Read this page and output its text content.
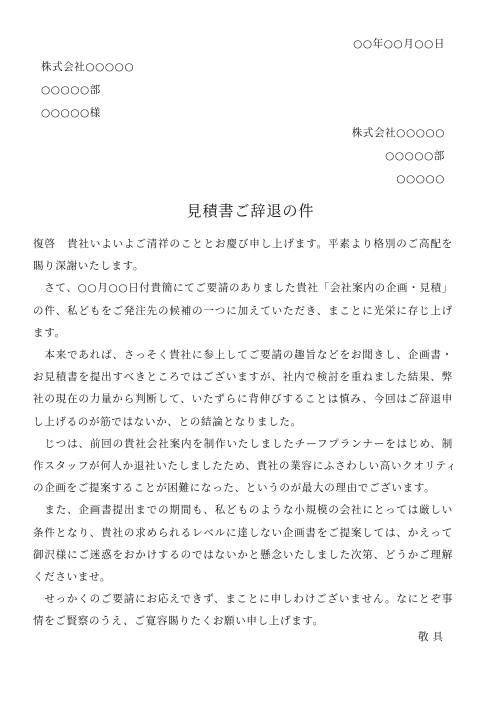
○○年○○月○○日
株式会社○○○○○
○○○○○部
○○○○○様
株式会社○○○○○
○○○○○部
○○○○○
見積書ご辞退の件
復啓　貴社いよいよご清祥のこととお慶び申し上げます。平素より格別のご高配を
賜り深謝いたします。
　さて、○○月○○日付貴簡にてご要請のありました貴社「会社案内の企画・見積」
の件、私どもをご発注先の候補の一つに加えていただき、まことに光栄に存じ上げ
ます。
　本来であれば、さっそく貴社に参上してご要請の趣旨などをお聞きし、企画書・
お見積書を提出すべきところではございますが、社内で検討を重ねました結果、弊
社の現在の力量から判断して、いたずらに背伸びすることは慎み、今回はご辞退申
し上げるのが筋ではないか、との結論となりました。
　じつは、前回の貴社会社案内を制作いたしましたチーフプランナーをはじめ、制
作スタッフが何人か退社いたしましたため、貴社の業容にふさわしい高いクオリティ
の企画をご提案することが困難になった、というのが最大の理由でございます。
　また、企画書提出までの期間も、私どものような小規模の会社にとっては厳しい
条件となり、貴社の求められるレベルに達しない企画書をご提案しては、かえって
御沢様にご迷惑をおかけするのではないかと懸念いたしました次第、どうかご理解
くださいませ。
　せっかくのご要請にお応えできず、まことに申しわけございません。なにとぞ事
情をご賢察のうえ、ご寛容賜りたくお願い申し上げます。
敬具
